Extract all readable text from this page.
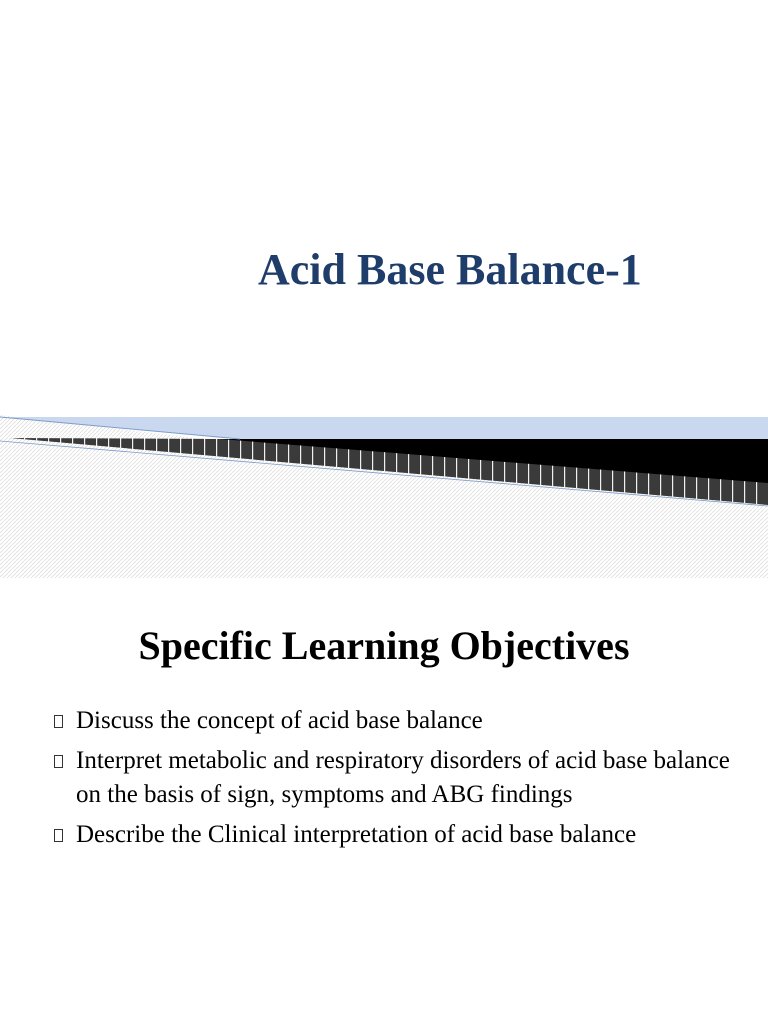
Acid Base Balance-1
Specific Learning Objectives
Discuss the concept of acid base balance
Interpret metabolic and respiratory disorders of acid base balance on the basis of sign, symptoms and ABG findings
Describe the Clinical interpretation of acid base balance
